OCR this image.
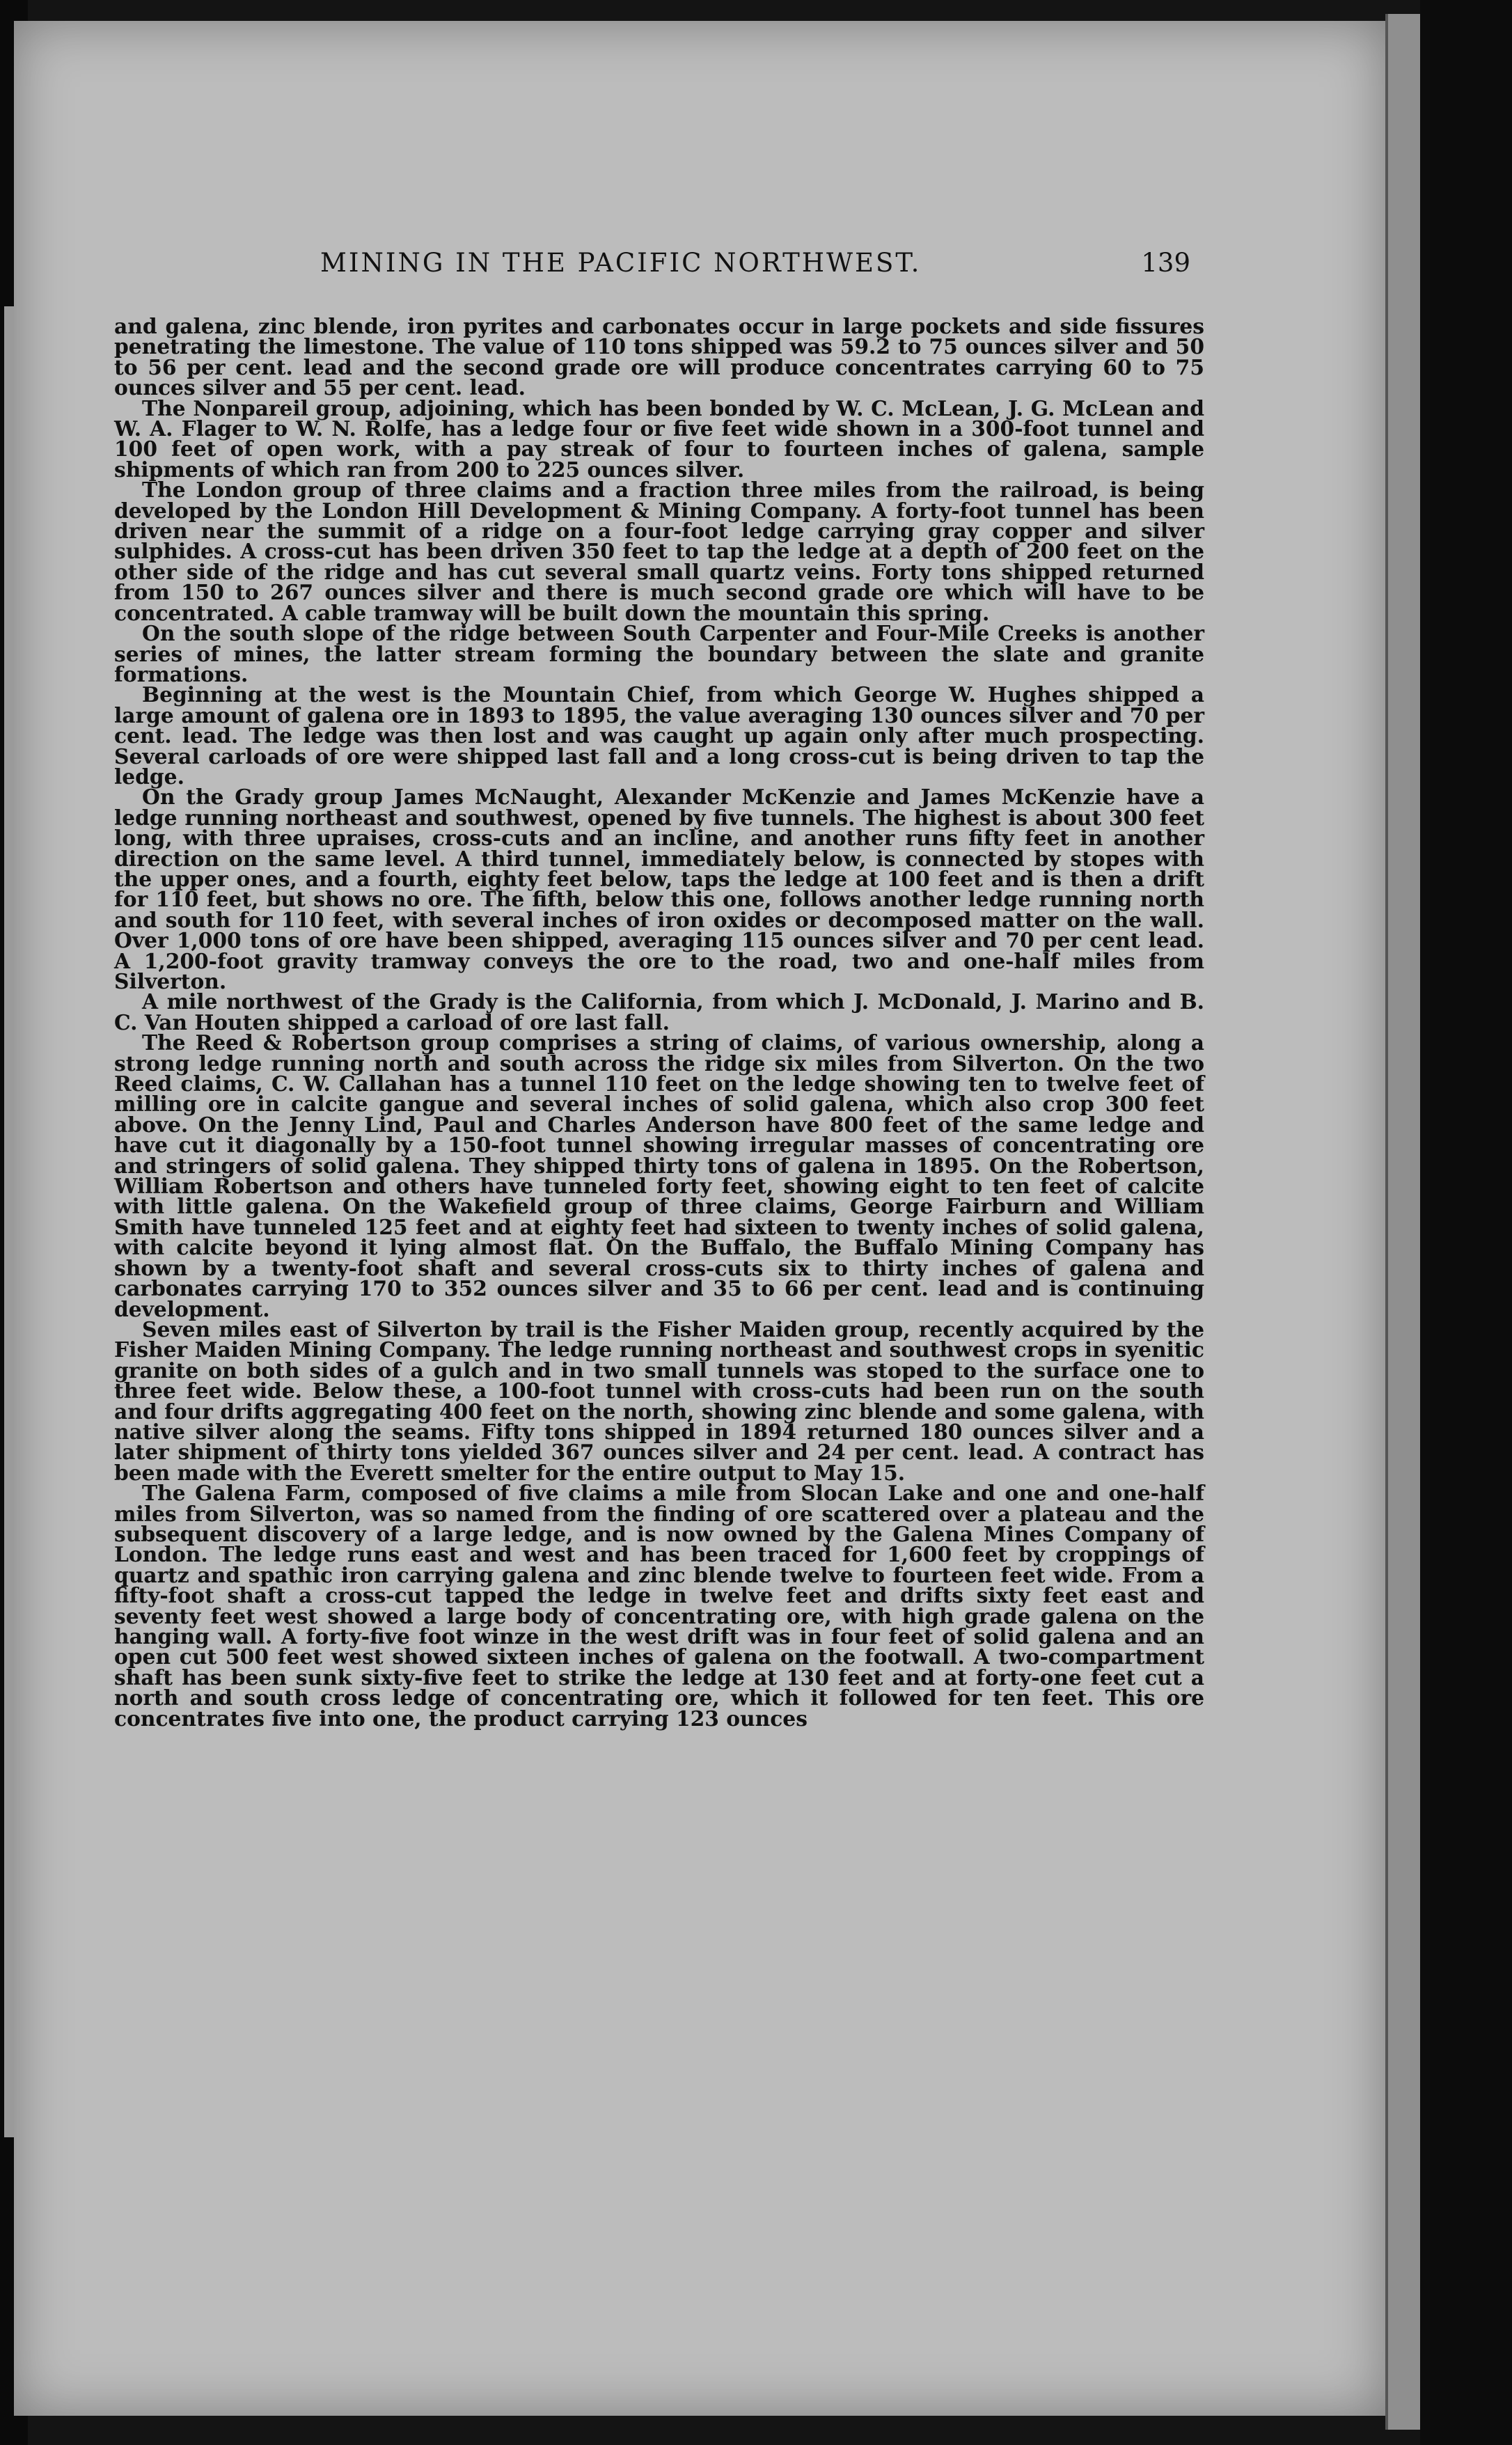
MINING IN THE PACIFIC NORTHWEST.	139

and galena, zinc blende, iron pyrites and carbonates occur in large pockets and side fissures penetrating the limestone. The value of 110 tons shipped was 59.2 to 75 ounces silver and 50 to 56 per cent. lead and the second grade ore will produce concentrates carrying 60 to 75 ounces silver and 55 per cent. lead.

The Nonpareil group, adjoining, which has been bonded by W. C. McLean, J. G. McLean and W. A. Flager to W. N. Rolfe, has a ledge four or five feet wide shown in a 300-foot tunnel and 100 feet of open work, with a pay streak of four to fourteen inches of galena, sample shipments of which ran from 200 to 225 ounces silver.

The London group of three claims and a fraction three miles from the railroad, is being developed by the London Hill Development & Mining Company. A forty-foot tunnel has been driven near the summit of a ridge on a four-foot ledge carrying gray copper and silver sulphides. A cross-cut has been driven 350 feet to tap the ledge at a depth of 200 feet on the other side of the ridge and has cut several small quartz veins. Forty tons shipped returned from 150 to 267 ounces silver and there is much second grade ore which will have to be concentrated. A cable tramway will be built down the mountain this spring.

On the south slope of the ridge between South Carpenter and Four-Mile Creeks is another series of mines, the latter stream forming the boundary between the slate and granite formations.

Beginning at the west is the Mountain Chief, from which George W. Hughes shipped a large amount of galena ore in 1893 to 1895, the value averaging 130 ounces silver and 70 per cent. lead. The ledge was then lost and was caught up again only after much prospecting. Several carloads of ore were shipped last fall and a long cross-cut is being driven to tap the ledge.

On the Grady group James McNaught, Alexander McKenzie and James McKenzie have a ledge running northeast and southwest, opened by five tunnels. The highest is about 300 feet long, with three upraises, cross-cuts and an incline, and another runs fifty feet in another direction on the same level. A third tunnel, immediately below, is connected by stopes with the upper ones, and a fourth, eighty feet below, taps the ledge at 100 feet and is then a drift for 110 feet, but shows no ore. The fifth, below this one, follows another ledge running north and south for 110 feet, with several inches of iron oxides or decomposed matter on the wall. Over 1,000 tons of ore have been shipped, averaging 115 ounces silver and 70 per cent lead. A 1,200-foot gravity tramway conveys the ore to the road, two and one-half miles from Silverton.

A mile northwest of the Grady is the California, from which J. McDonald, J. Marino and B. C. Van Houten shipped a carload of ore last fall.

The Reed & Robertson group comprises a string of claims, of various ownership, along a strong ledge running north and south across the ridge six miles from Silverton. On the two Reed claims, C. W. Callahan has a tunnel 110 feet on the ledge showing ten to twelve feet of milling ore in calcite gangue and several inches of solid galena, which also crop 300 feet above. On the Jenny Lind, Paul and Charles Anderson have 800 feet of the same ledge and have cut it diagonally by a 150-foot tunnel showing irregular masses of concentrating ore and stringers of solid galena. They shipped thirty tons of galena in 1895. On the Robertson, William Robertson and others have tunneled forty feet, showing eight to ten feet of calcite with little galena. On the Wakefield group of three claims, George Fairburn and William Smith have tunneled 125 feet and at eighty feet had sixteen to twenty inches of solid galena, with calcite beyond it lying almost flat. On the Buffalo, the Buffalo Mining Company has shown by a twenty-foot shaft and several cross-cuts six to thirty inches of galena and carbonates carrying 170 to 352 ounces silver and 35 to 66 per cent. lead and is continuing development.

Seven miles east of Silverton by trail is the Fisher Maiden group, recently acquired by the Fisher Maiden Mining Company. The ledge running northeast and southwest crops in syenitic granite on both sides of a gulch and in two small tunnels was stoped to the surface one to three feet wide. Below these, a 100-foot tunnel with cross-cuts had been run on the south and four drifts aggregating 400 feet on the north, showing zinc blende and some galena, with native silver along the seams. Fifty tons shipped in 1894 returned 180 ounces silver and a later shipment of thirty tons yielded 367 ounces silver and 24 per cent. lead. A contract has been made with the Everett smelter for the entire output to May 15.

The Galena Farm, composed of five claims a mile from Slocan Lake and one and one-half miles from Silverton, was so named from the finding of ore scattered over a plateau and the subsequent discovery of a large ledge, and is now owned by the Galena Mines Company of London. The ledge runs east and west and has been traced for 1,600 feet by croppings of quartz and spathic iron carrying galena and zinc blende twelve to fourteen feet wide. From a fifty-foot shaft a cross-cut tapped the ledge in twelve feet and drifts sixty feet east and seventy feet west showed a large body of concentrating ore, with high grade galena on the hanging wall. A forty-five foot winze in the west drift was in four feet of solid galena and an open cut 500 feet west showed sixteen inches of galena on the footwall. A two-compartment shaft has been sunk sixty-five feet to strike the ledge at 130 feet and at forty-one feet cut a north and south cross ledge of concentrating ore, which it followed for ten feet. This ore concentrates five into one, the product carrying 123 ounces
